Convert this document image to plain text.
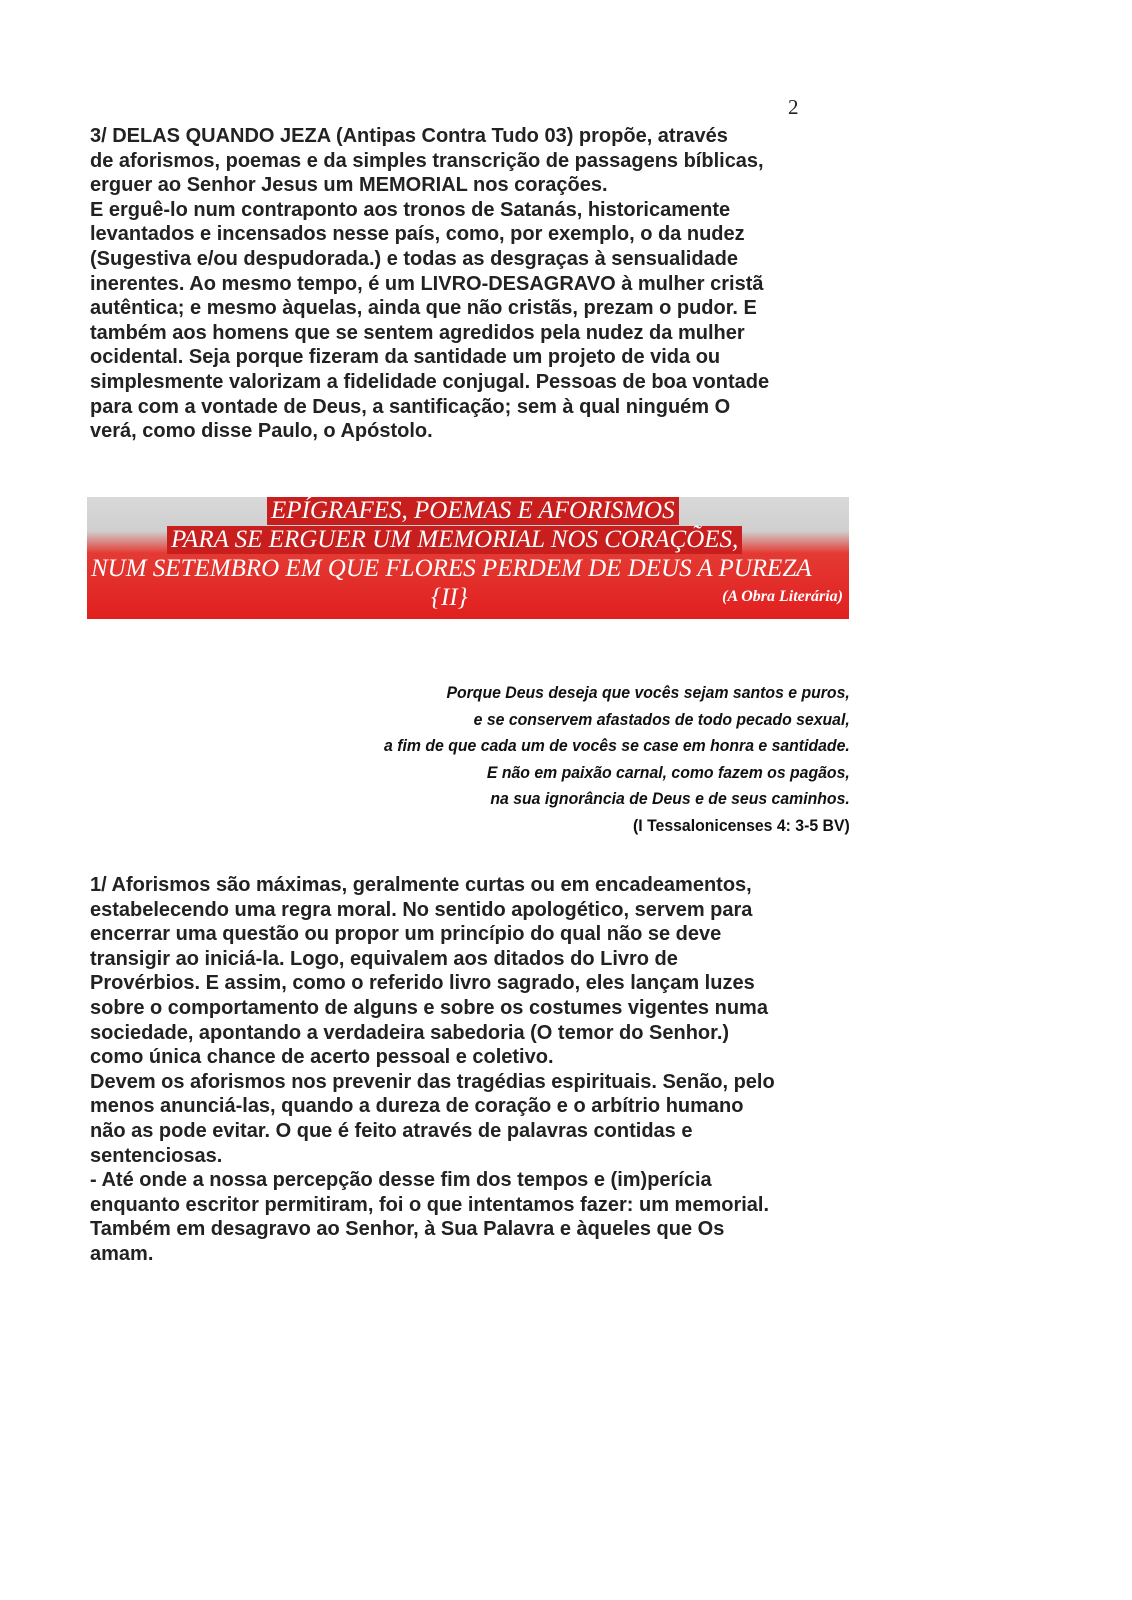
2
3/ DELAS QUANDO JEZA (Antipas Contra Tudo 03) propõe, através
de aforismos, poemas e da simples transcrição de passagens bíblicas,
erguer ao Senhor Jesus um MEMORIAL nos corações.
E erguê-lo num contraponto aos tronos de Satanás, historicamente
levantados e incensados nesse país, como, por exemplo, o da nudez
(Sugestiva e/ou despudorada.) e todas as desgraças à sensualidade
inerentes. Ao mesmo tempo, é um LIVRO-DESAGRAVO à mulher cristã
autêntica; e mesmo àquelas, ainda que não cristãs, prezam o pudor. E
também aos homens que se sentem agredidos pela nudez da mulher
ocidental. Seja porque fizeram da santidade um projeto de vida ou
simplesmente valorizam a fidelidade conjugal. Pessoas de boa vontade
para com a vontade de Deus, a santificação; sem à qual ninguém O
verá, como disse Paulo, o Apóstolo.
EPÍGRAFES, POEMAS E AFORISMOS
PARA SE ERGUER UM MEMORIAL NOS CORAÇÕES,
NUM SETEMBRO EM QUE FLORES PERDEM DE DEUS A PUREZA
{II}	(A Obra Literária)
Porque Deus deseja que vocês sejam santos e puros,
e se conservem afastados de todo pecado sexual,
a fim de que cada um de vocês se case em honra e santidade.
E não em paixão carnal, como fazem os pagãos,
na sua ignorância de Deus e de seus caminhos.
(I Tessalonicenses 4: 3-5 BV)
1/ Aforismos são máximas, geralmente curtas ou em encadeamentos,
estabelecendo uma regra moral. No sentido apologético, servem para
encerrar uma questão ou propor um princípio do qual não se deve
transigir ao iniciá-la. Logo, equivalem aos ditados do Livro de
Provérbios. E assim, como o referido livro sagrado, eles lançam luzes
sobre o comportamento de alguns e sobre os costumes vigentes numa
sociedade, apontando a verdadeira sabedoria (O temor do Senhor.)
como única chance de acerto pessoal e coletivo.
Devem os aforismos nos prevenir das tragédias espirituais. Senão, pelo
menos anunciá-las, quando a dureza de coração e o arbítrio humano
não as pode evitar. O que é feito através de palavras contidas e
sentenciosas.
- Até onde a nossa percepção desse fim dos tempos e (im)perícia
enquanto escritor permitiram, foi o que intentamos fazer: um memorial.
Também em desagravo ao Senhor, à Sua Palavra e àqueles que Os
amam.
